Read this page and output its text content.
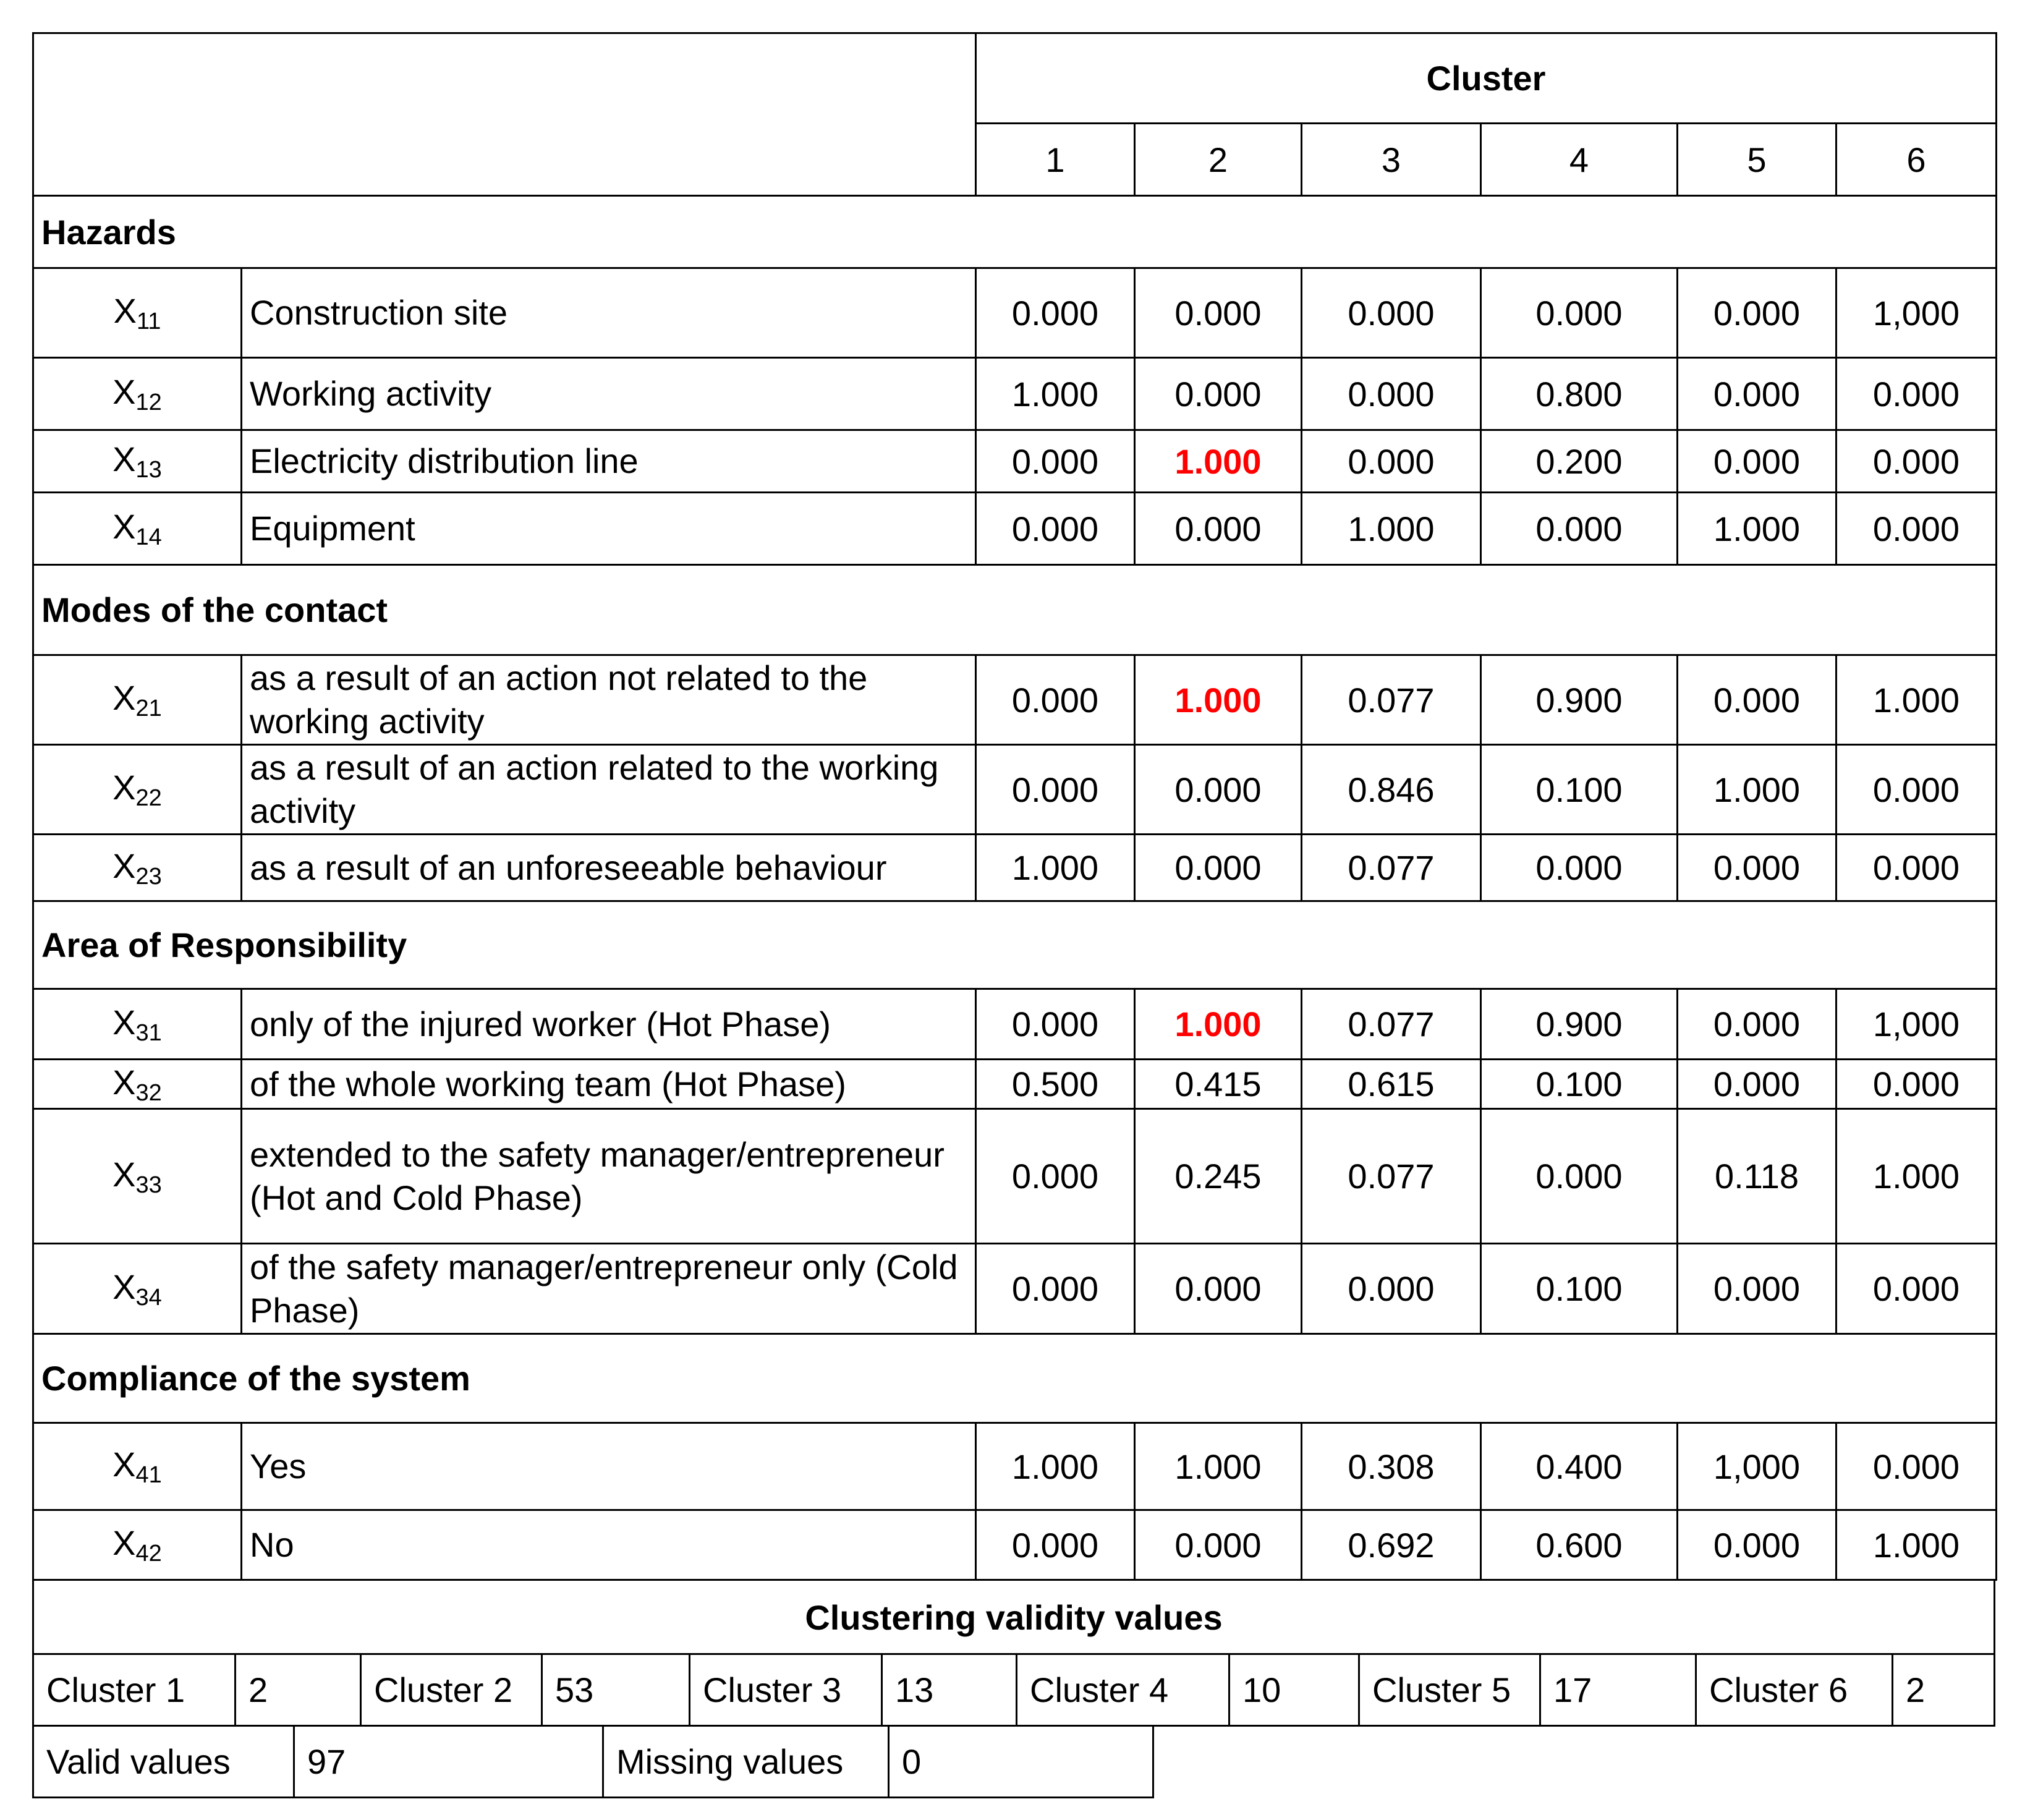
		Cluster					
		1	2	3	4	5	6
Hazards							
$X_{11}$	Construction site	0.000	0.000	0.000	0.000	0.000	1,000
$X_{12}$	Working activity	1.000	0.000	0.000	0.800	0.000	0.000
$X_{13}$	Electricity distribution line	0.000	1.000	0.000	0.200	0.000	0.000
$X_{14}$	Equipment	0.000	0.000	1.000	0.000	1.000	0.000
Modes of the contact							
$X_{21}$	as a result of an action not related to the working activity	0.000	1.000	0.077	0.900	0.000	1.000
$X_{22}$	as a result of an action related to the working activity	0.000	0.000	0.846	0.100	1.000	0.000
$X_{23}$	as a result of an unforeseeable behaviour	1.000	0.000	0.077	0.000	0.000	0.000
Area of Responsibility							
$X_{31}$	only of the injured worker (Hot Phase)	0.000	1.000	0.077	0.900	0.000	1,000
$X_{32}$	of the whole working team (Hot Phase)	0.500	0.415	0.615	0.100	0.000	0.000
$X_{33}$	extended to the safety manager/entrepreneur (Hot and Cold Phase)	0.000	0.245	0.077	0.000	0.118	1.000
$X_{34}$	of the safety manager/entrepreneur only (Cold Phase)	0.000	0.000	0.000	0.100	0.000	0.000
Compliance of the system							
$X_{41}$	Yes	1.000	1.000	0.308	0.400	1,000	0.000
$X_{42}$	No	0.000	0.000	0.692	0.600	0.000	1.000
Clustering validity values
Cluster 1	2	Cluster 2	53	Cluster 3	13	Cluster 4	10	Cluster 5	17	Cluster 6	2
Valid values	97	Missing values	0
